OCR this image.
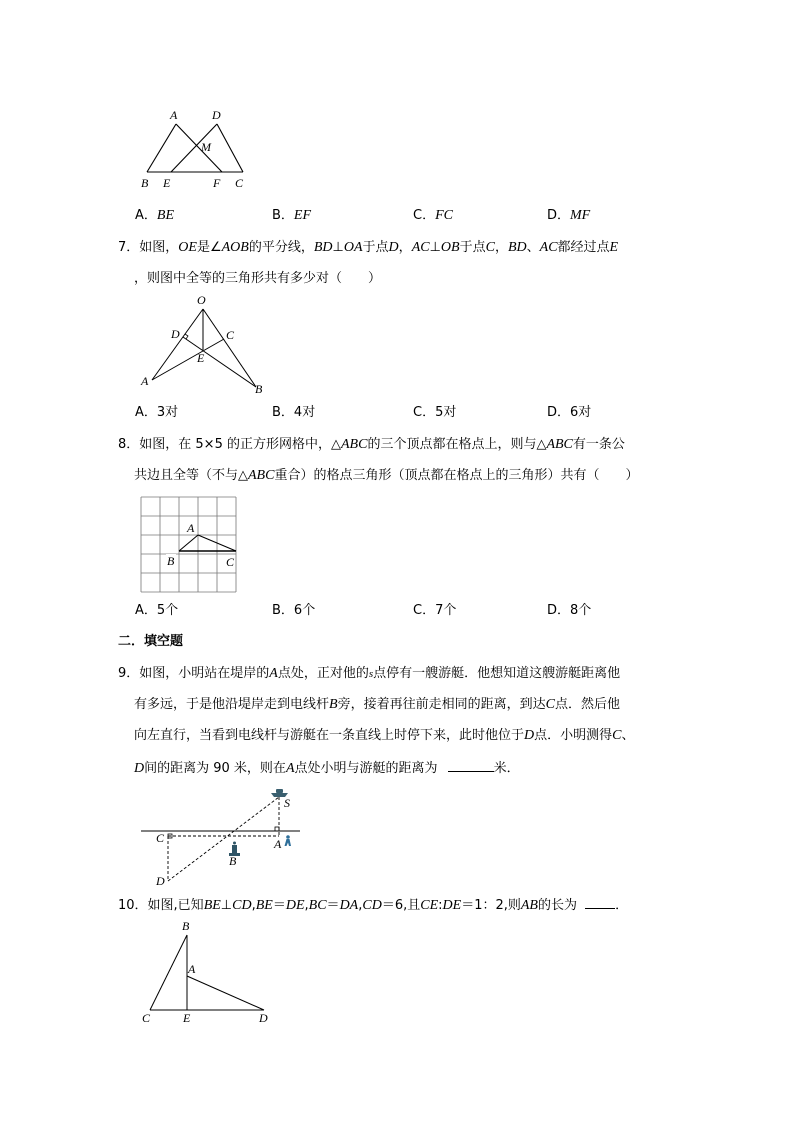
A	D
M
B E	F C
A．BE	B．EF	C．FC	D．MF
7．如图，OE是∠AOB的平分线，BD⊥OA于点D，AC⊥OB于点C，BD、AC都经过点E
，则图中全等的三角形共有多少对（　　）
O
D	C
E
A
B
A．3对	B．4对	C．5对	D．6对
8．如图，在 5×5 的正方形网格中，△ABC的三个顶点都在格点上，则与△ABC有一条公
共边且全等（不与△ABC重合）的格点三角形（顶点都在格点上的三角形）共有（　　）
A
B	C
A．5个	B．6个	C．7个	D．8个
二．填空题
9．如图，小明站在堤岸的A点处，正对他的s点停有一艘游艇．他想知道这艘游艇距离他
有多远，于是他沿堤岸走到电线杆B旁，接着再往前走相同的距离，到达C点．然后他
向左直行，当看到电线杆与游艇在一条直线上时停下来，此时他位于D点．小明测得C、
D间的距离为 90 米，则在A点处小明与游艇的距离为	米．
S
C	A
B
D
10．如图,已知BE⊥CD,BE＝DE,BC＝DA,CD＝6,且CE:DE＝1：2,则AB的长为	．
B
A
C	E	D
